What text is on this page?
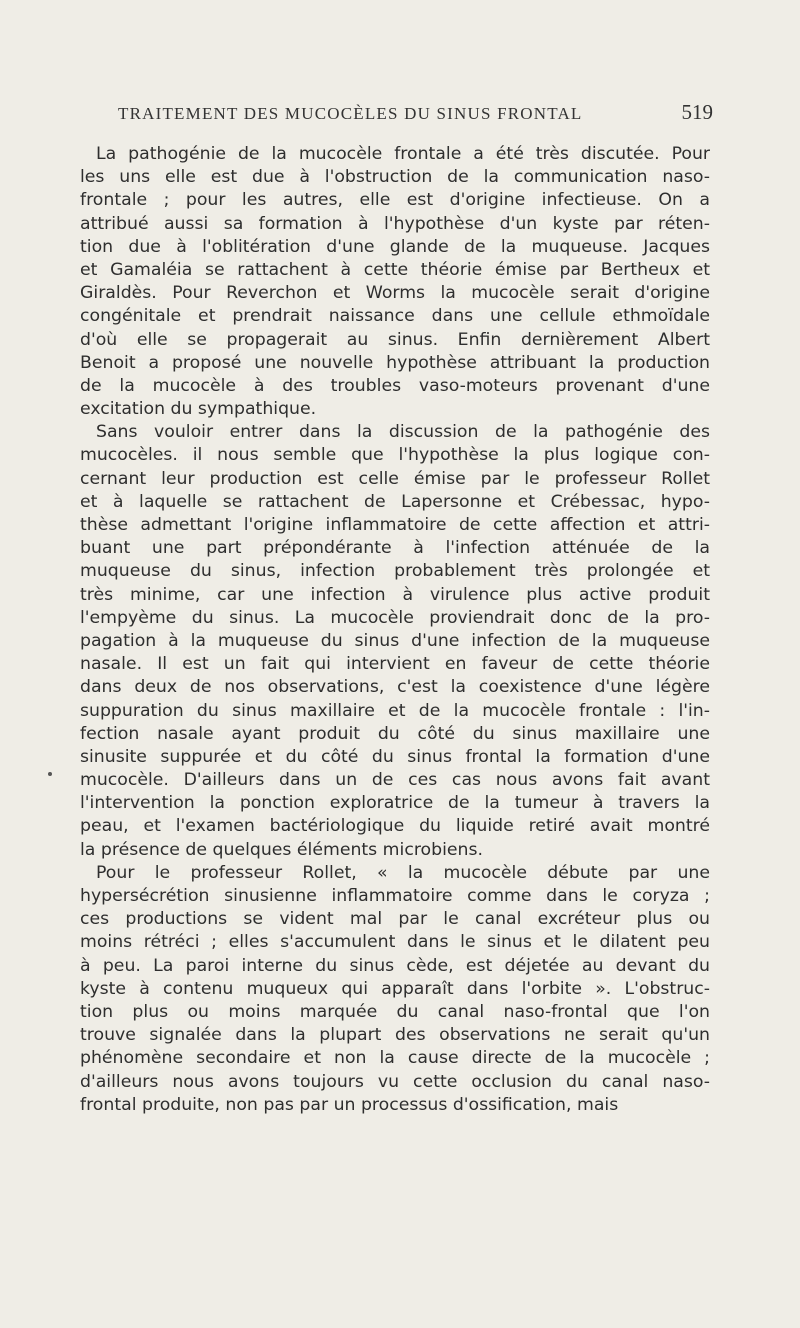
TRAITEMENT DES MUCOCÈLES DU SINUS FRONTAL	519
La pathogénie de la mucocèle frontale a été très discutée. Pour
les uns elle est due à l'obstruction de la communication naso-
frontale ; pour les autres, elle est d'origine infectieuse. On a
attribué aussi sa formation à l'hypothèse d'un kyste par réten-
tion due à l'oblitération d'une glande de la muqueuse. Jacques
et Gamaléia se rattachent à cette théorie émise par Bertheux et
Giraldès. Pour Reverchon et Worms la mucocèle serait d'origine
congénitale et prendrait naissance dans une cellule ethmoïdale
d'où elle se propagerait au sinus. Enfin dernièrement Albert
Benoit a proposé une nouvelle hypothèse attribuant la production
de la mucocèle à des troubles vaso-moteurs provenant d'une
excitation du sympathique.
Sans vouloir entrer dans la discussion de la pathogénie des
mucocèles. il nous semble que l'hypothèse la plus logique con-
cernant leur production est celle émise par le professeur Rollet
et à laquelle se rattachent de Lapersonne et Crébessac, hypo-
thèse admettant l'origine inflammatoire de cette affection et attri-
buant une part prépondérante à l'infection atténuée de la
muqueuse du sinus, infection probablement très prolongée et
très minime, car une infection à virulence plus active produit
l'empyème du sinus. La mucocèle proviendrait donc de la pro-
pagation à la muqueuse du sinus d'une infection de la muqueuse
nasale. Il est un fait qui intervient en faveur de cette théorie
dans deux de nos observations, c'est la coexistence d'une légère
suppuration du sinus maxillaire et de la mucocèle frontale : l'in-
fection nasale ayant produit du côté du sinus maxillaire une
sinusite suppurée et du côté du sinus frontal la formation d'une
mucocèle. D'ailleurs dans un de ces cas nous avons fait avant
l'intervention la ponction exploratrice de la tumeur à travers la
peau, et l'examen bactériologique du liquide retiré avait montré
la présence de quelques éléments microbiens.
Pour le professeur Rollet, « la mucocèle débute par une
hypersécrétion sinusienne inflammatoire comme dans le coryza ;
ces productions se vident mal par le canal excréteur plus ou
moins rétréci ; elles s'accumulent dans le sinus et le dilatent peu
à peu. La paroi interne du sinus cède, est déjetée au devant du
kyste à contenu muqueux qui apparaît dans l'orbite ». L'obstruc-
tion plus ou moins marquée du canal naso-frontal que l'on
trouve signalée dans la plupart des observations ne serait qu'un
phénomène secondaire et non la cause directe de la mucocèle ;
d'ailleurs nous avons toujours vu cette occlusion du canal naso-
frontal produite, non pas par un processus d'ossification, mais
